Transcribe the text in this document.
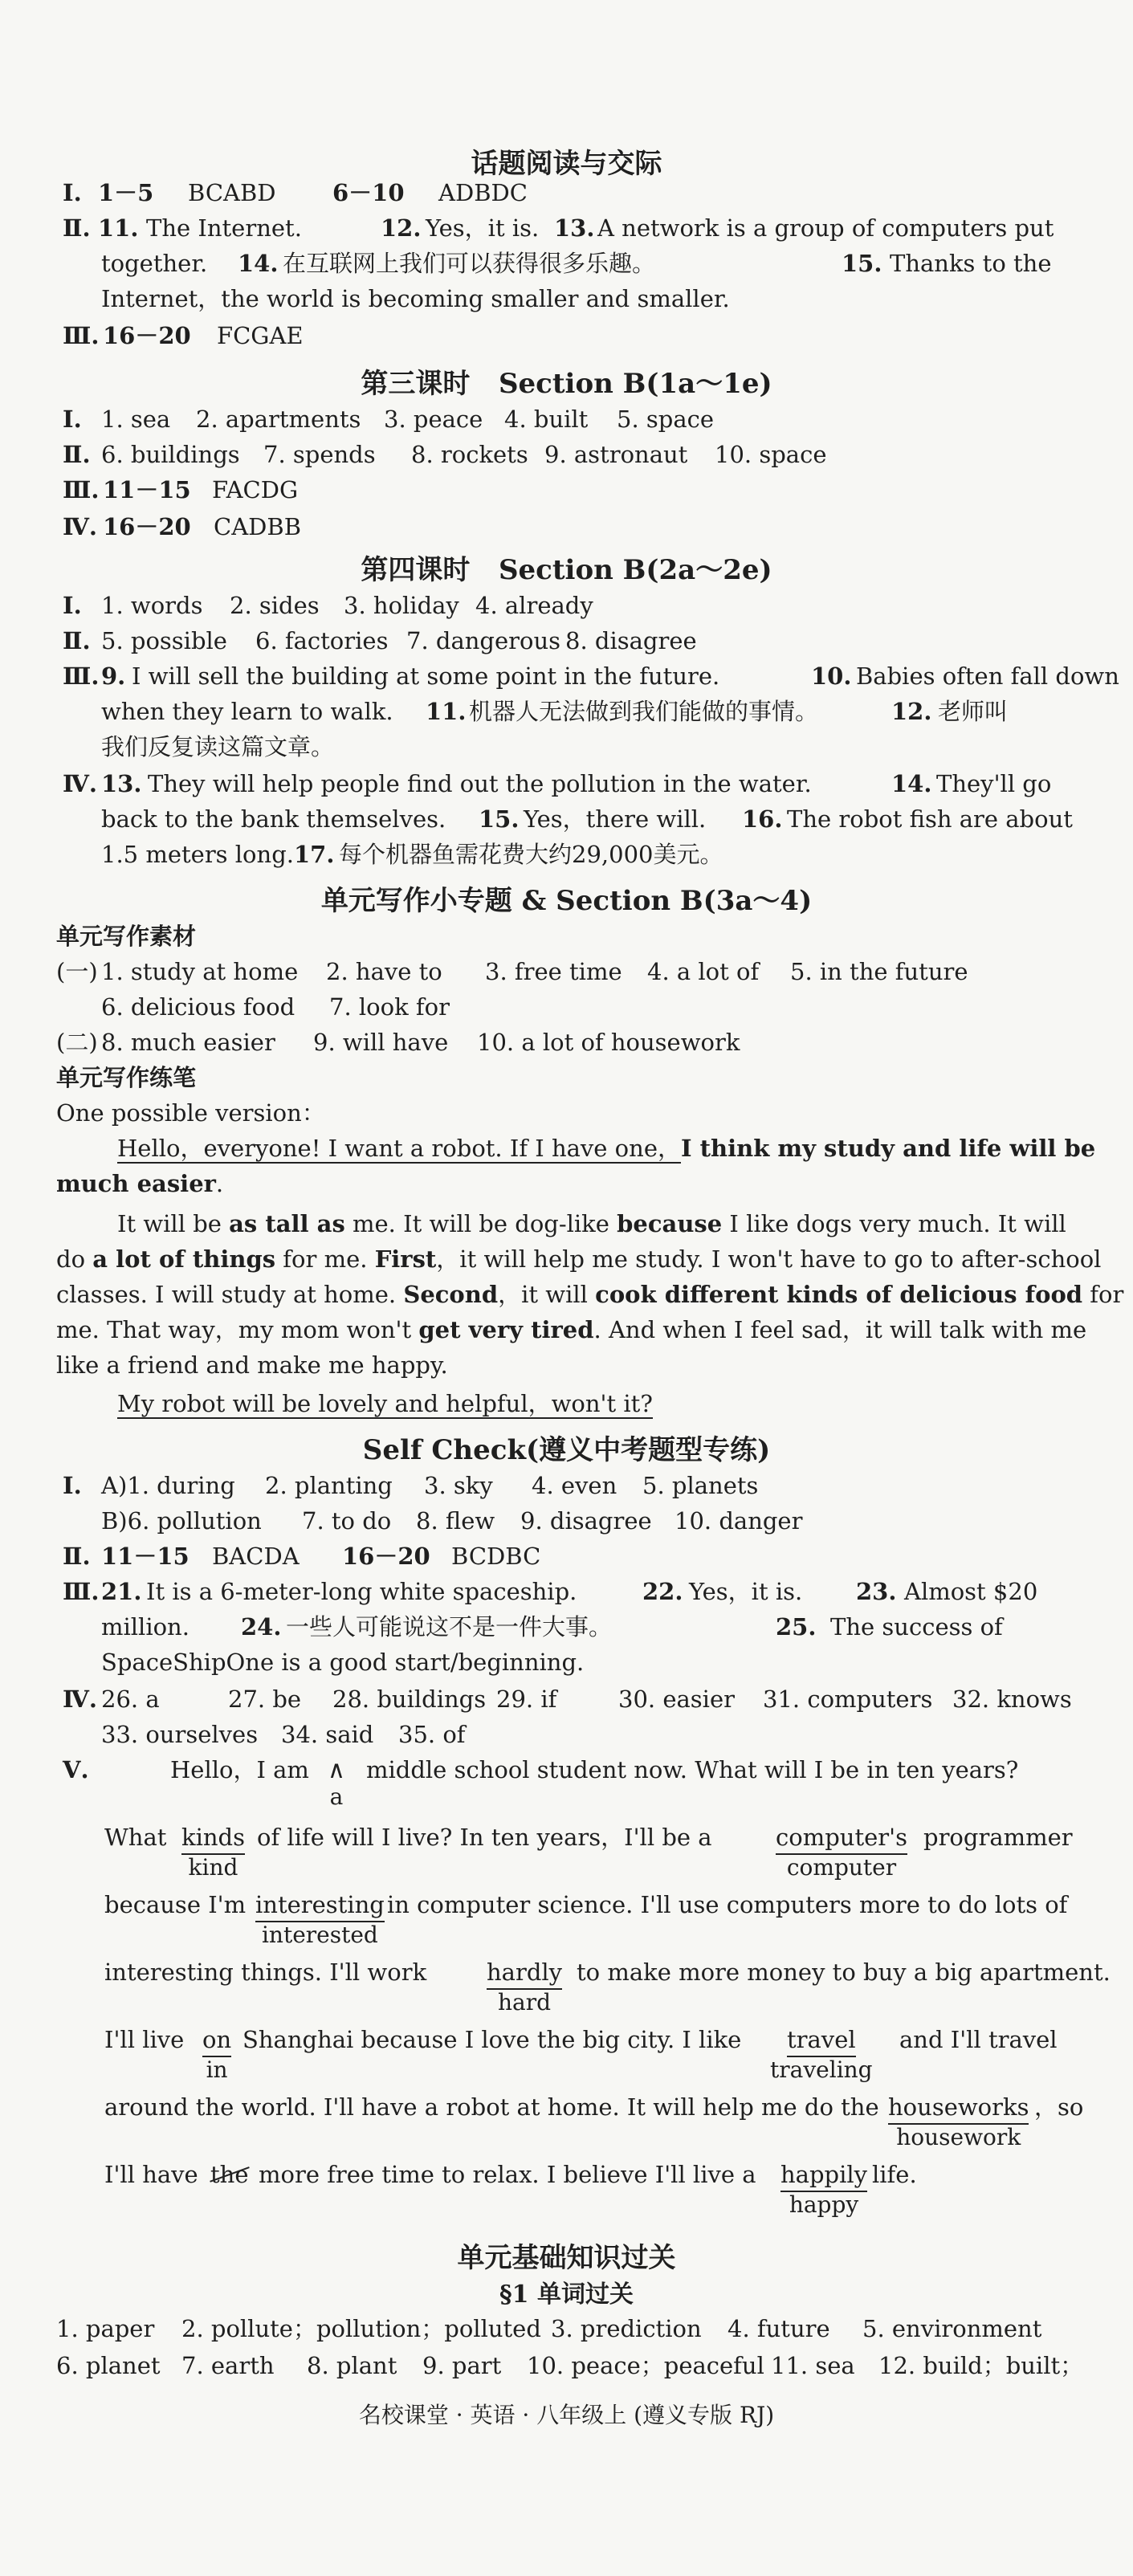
话题阅读与交际
Ⅰ. 1－5 BCABD 6－10 ADBDC
Ⅱ. 11. The Internet.	12. Yes，it is. 13. A network is a group of computers put
together. 14. 在互联网上我们可以获得很多乐趣。	15. Thanks to the
Internet，the world is becoming smaller and smaller.
Ⅲ. 16－20 FCGAE
第三课时 Section B(1a～1e)
Ⅰ. 1. sea 2. apartments 3. peace 4. built 5. space
Ⅱ. 6. buildings 7. spends 8. rockets 9. astronaut 10. space
Ⅲ. 11－15 FACDG
Ⅳ. 16－20 CADBB
第四课时 Section B(2a～2e)
Ⅰ. 1. words 2. sides 3. holiday 4. already
Ⅱ. 5. possible 6. factories 7. dangerous 8. disagree
Ⅲ. 9. I will sell the building at some point in the future.	10. Babies often fall down
when they learn to walk. 11. 机器人无法做到我们能做的事情。	12. 老师叫
我们反复读这篇文章。
Ⅳ. 13. They will help people find out the pollution in the water.	14. They'll go
back to the bank themselves. 15. Yes，there will. 16. The robot fish are about
1.5 meters long. 17. 每个机器鱼需花费大约29,000美元。
单元写作小专题 & Section B(3a～4)
单元写作素材
(一) 1. study at home 2. have to 3. free time 4. a lot of 5. in the future
6. delicious food 7. look for
(二) 8. much easier 9. will have 10. a lot of housework
单元写作练笔
One possible version：
Hello，everyone! I want a robot. If I have one，I think my study and life will be
much easier.
It will be as tall as me. It will be dog-like because I like dogs very much. It will
do a lot of things for me. First，it will help me study. I won't have to go to after-school
classes. I will study at home. Second，it will cook different kinds of delicious food for
me. That way，my mom won't get very tired. And when I feel sad，it will talk with me
like a friend and make me happy.
My robot will be lovely and helpful，won't it?
Self Check(遵义中考题型专练)
Ⅰ. A)1. during 2. planting 3. sky 4. even 5. planets
B)6. pollution 7. to do 8. flew 9. disagree 10. danger
Ⅱ. 11－15 BACDA 16－20 BCDBC
Ⅲ. 21. It is a 6-meter-long white spaceship.	22. Yes，it is. 23. Almost $20
million. 24. 一些人可能说这不是一件大事。	25. The success of
SpaceShipOne is a good start/beginning.
Ⅳ. 26. a	27. be 28. buildings 29. if	30. easier 31. computers 32. knows
33. ourselves 34. said 35. of
Ⅴ.	Hello，I am ∧
a
middle school student now. What will I be in ten years?
What kinds
kind
of life will I live? In ten years，I'll be a	computer's
computer
programmer
because I'm interesting
interested
in computer science. I'll use computers more to do lots of
interesting things. I'll work	hardly
hard
to make more money to buy a big apartment.
I'll live on
in
Shanghai because I love the big city. I like travel
traveling
and I'll travel
around the world. I'll have a robot at home. It will help me do the houseworks
housework
，so
I'll have the more free time to relax. I believe I'll live a happily
happy
life.
单元基础知识过关
§1 单词过关
1. paper 2. pollute；pollution；polluted 3. prediction 4. future 5. environment
6. planet 7. earth 8. plant 9. part 10. peace；peaceful 11. sea 12. build；built；
名校课堂 · 英语 · 八年级上 (遵义专版 RJ)
